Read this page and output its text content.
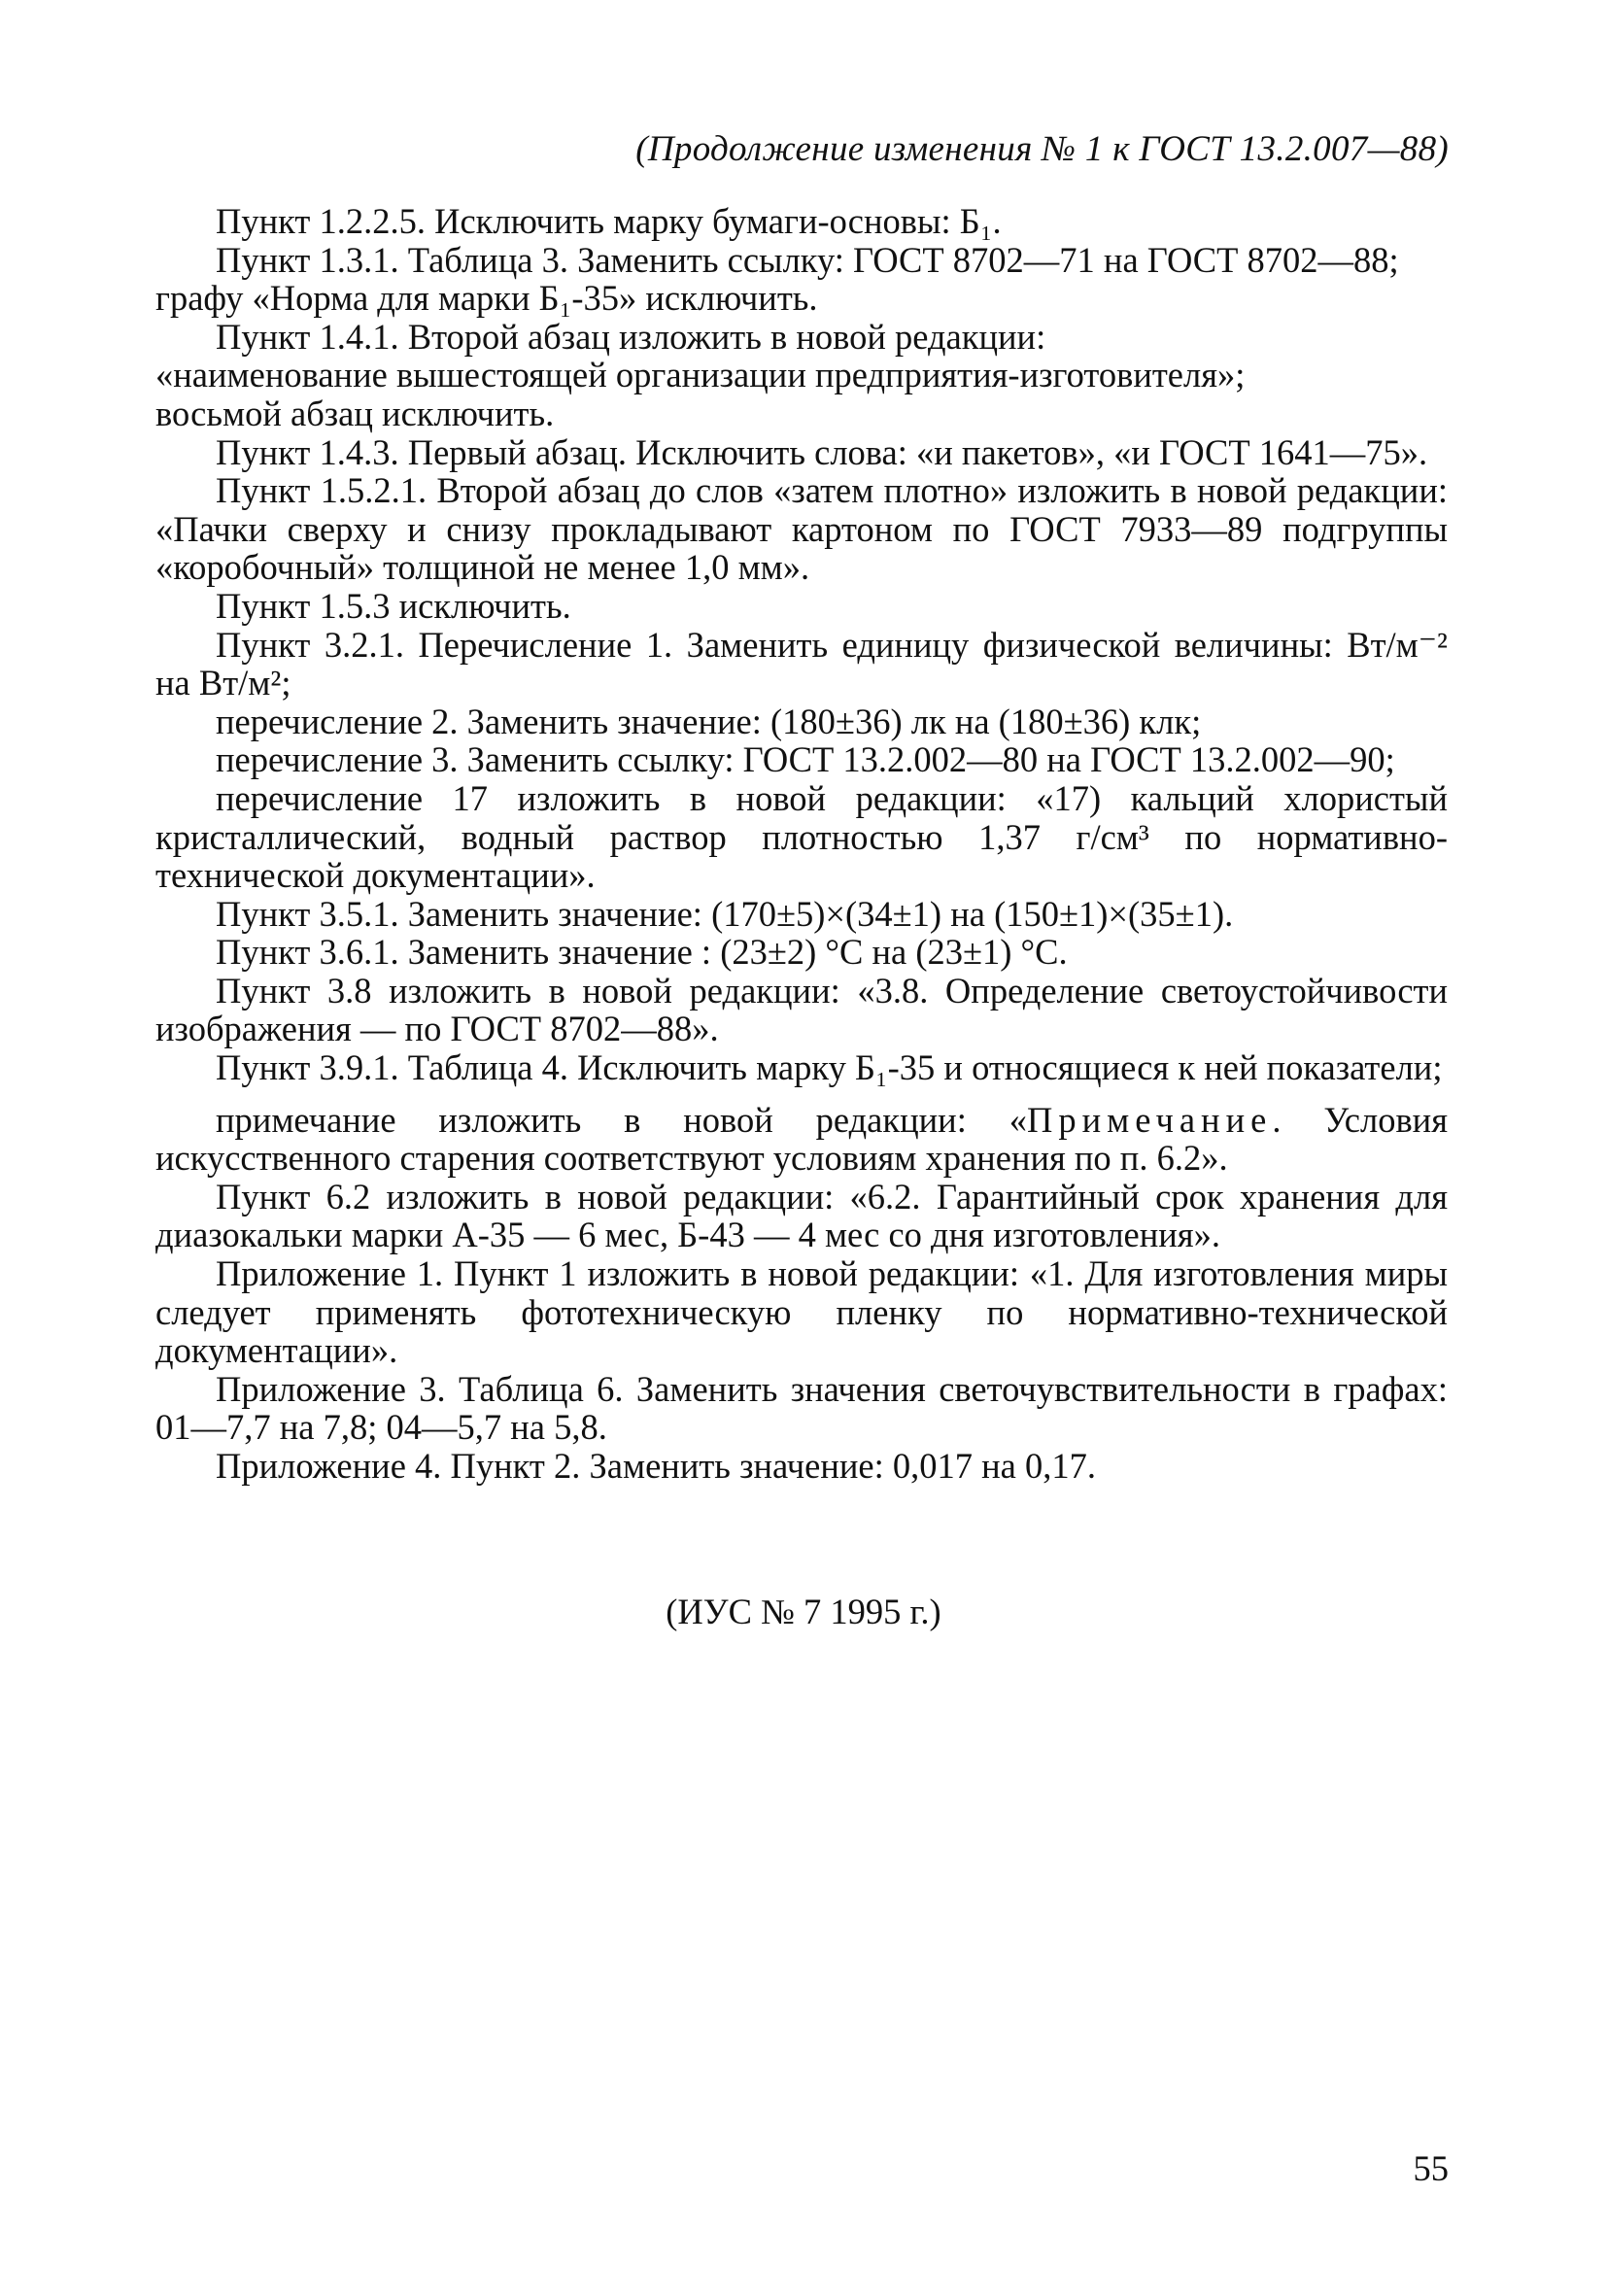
(Продолжение изменения № 1 к ГОСТ 13.2.007—88)

Пункт 1.2.2.5. Исключить марку бумаги-основы: Б₁.

Пункт 1.3.1. Таблица 3. Заменить ссылку: ГОСТ 8702—71 на ГОСТ 8702—88;

графу «Норма для марки Б₁-35» исключить.

Пункт 1.4.1. Второй абзац изложить в новой редакции:

«наименование вышестоящей организации предприятия-изготовителя»;

восьмой абзац исключить.

Пункт 1.4.3. Первый абзац. Исключить слова: «и пакетов», «и ГОСТ 1641—75».

Пункт 1.5.2.1. Второй абзац до слов «затем плотно» изложить в новой редакции: «Пачки сверху и снизу прокладывают картоном по ГОСТ 7933—89 подгруппы «коробочный» толщиной не менее 1,0 мм».

Пункт 1.5.3 исключить.

Пункт 3.2.1. Перечисление 1. Заменить единицу физической величины: Вт/м⁻² на Вт/м²;

перечисление 2. Заменить значение: (180±36) лк на (180±36) клк;

перечисление 3. Заменить ссылку: ГОСТ 13.2.002—80 на ГОСТ 13.2.002—90;

перечисление 17 изложить в новой редакции: «17) кальций хлористый кристаллический, водный раствор плотностью 1,37 г/см³ по нормативно-технической документации».

Пункт 3.5.1. Заменить значение: (170±5)×(34±1) на (150±1)×(35±1).

Пункт 3.6.1. Заменить значение : (23±2) °С на (23±1) °С.

Пункт 3.8 изложить в новой редакции: «3.8. Определение светоустойчивости изображения — по ГОСТ 8702—88».

Пункт 3.9.1. Таблица 4. Исключить марку Б₁-35 и относящиеся к ней показатели;

примечание изложить в новой редакции: «Примечание. Условия искусственного старения соответствуют условиям хранения по п. 6.2».

Пункт 6.2 изложить в новой редакции: «6.2. Гарантийный срок хранения для диазокальки марки А-35 — 6 мес, Б-43 — 4 мес со дня изготовления».

Приложение 1. Пункт 1 изложить в новой редакции: «1. Для изготовления миры следует применять фототехническую пленку по нормативно-технической документации».

Приложение 3. Таблица 6. Заменить значения светочувствительности в графах: 01—7,7 на 7,8; 04—5,7 на 5,8.

Приложение 4. Пункт 2. Заменить значение: 0,017 на 0,17.

(ИУС № 7 1995 г.)
55
